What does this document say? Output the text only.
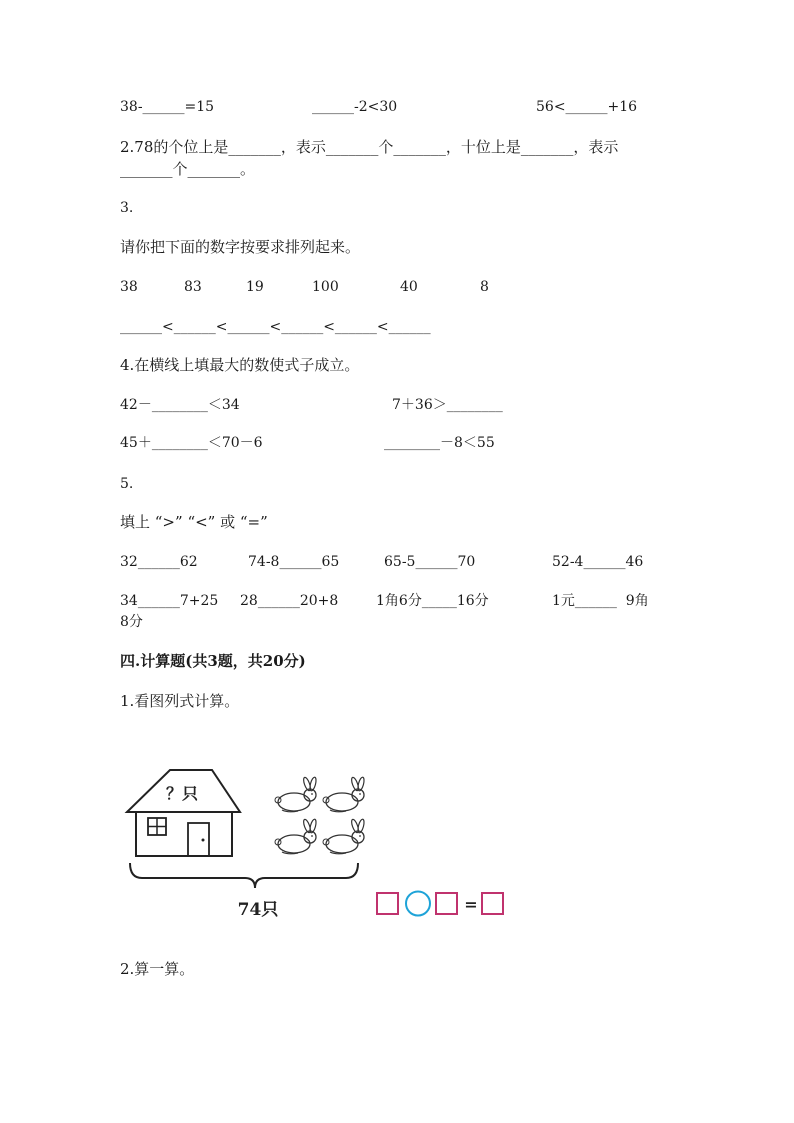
38-______=15	______-2<30	56<______+16
2.78的个位上是_______，表示_______个_______，十位上是_______，表示
_______个_______。
3.
请你把下面的数字按要求排列起来。
38	83	19	100	40	8
______<______<______<______<______<______
4.在横线上填最大的数使式子成立。
42－________＜34	7＋36＞________
45＋________＜70－6	________－8＜55
5.
填上 “>” “<” 或 “=”
32______62	74-8______65	65-5______70	52-4______46
34______7+25 28______20+8	1角6分_____16分	1元______  9角
8分
四.计算题(共3题，共20分)
1.看图列式计算。
？只
74只	=
2.算一算。
